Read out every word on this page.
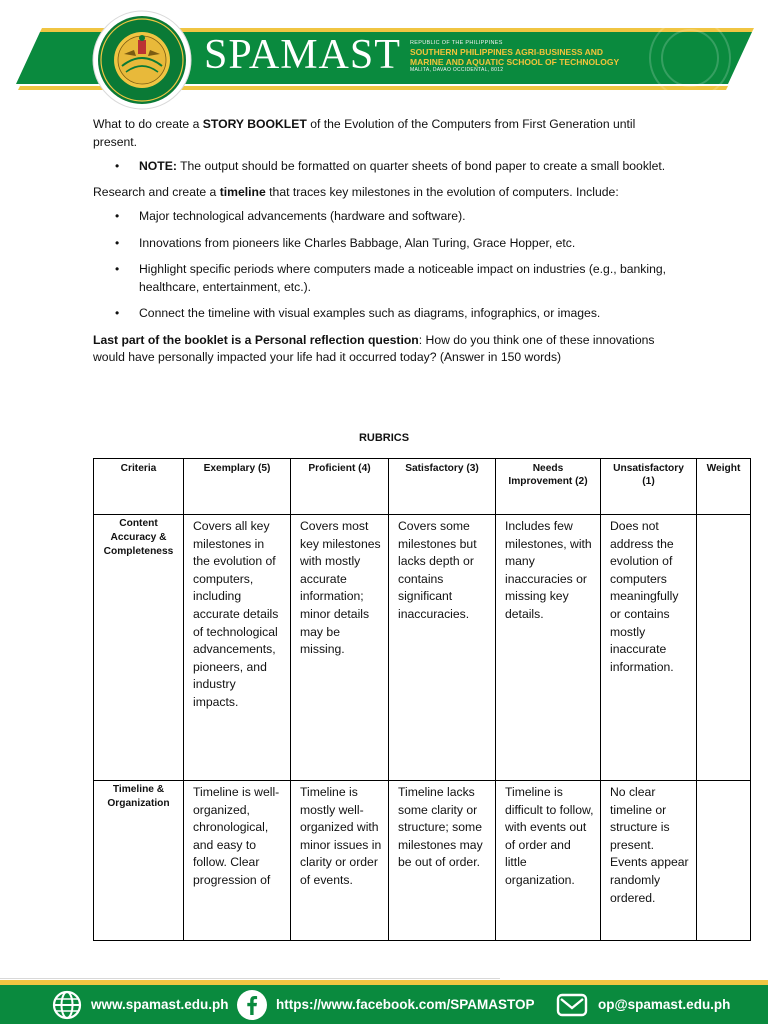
SPAMAST REPUBLIC OF THE PHILIPPINES
SOUTHERN PHILIPPINES AGRI-BUSINESS AND
MARINE AND AQUATIC SCHOOL OF TECHNOLOGY
MALITA, DAVAO OCCIDENTAL, 8012

What to do create a STORY BOOKLET of the Evolution of the Computers from First Generation until present.

• NOTE: The output should be formatted on quarter sheets of bond paper to create a small booklet.

Research and create a timeline that traces key milestones in the evolution of computers. Include:

• Major technological advancements (hardware and software).
• Innovations from pioneers like Charles Babbage, Alan Turing, Grace Hopper, etc.
• Highlight specific periods where computers made a noticeable impact on industries (e.g., banking, healthcare, entertainment, etc.).
• Connect the timeline with visual examples such as diagrams, infographics, or images.

Last part of the booklet is a Personal reflection question: How do you think one of these innovations would have personally impacted your life had it occurred today? (Answer in 150 words)

RUBRICS
Criteria	Exemplary (5)	Proficient (4)	Satisfactory (3)	Needs Improvement (2)	Unsatisfactory (1)	Weight
Content Accuracy & Completeness	Covers all key milestones in the evolution of computers, including accurate details of technological advancements, pioneers, and industry impacts.	Covers most key milestones with mostly accurate information; minor details may be missing.	Covers some milestones but lacks depth or contains significant inaccuracies.	Includes few milestones, with many inaccuracies or missing key details.	Does not address the evolution of computers meaningfully or contains mostly inaccurate information.	
Timeline & Organization	Timeline is well-organized, chronological, and easy to follow. Clear progression of	Timeline is mostly well-organized with minor issues in clarity or order of events.	Timeline lacks some clarity or structure; some milestones may be out of order.	Timeline is difficult to follow, with events out of order and little organization.	No clear timeline or structure is present. Events appear randomly ordered.	
www.spamast.edu.ph	https://www.facebook.com/SPAMASTOP	op@spamast.edu.ph
